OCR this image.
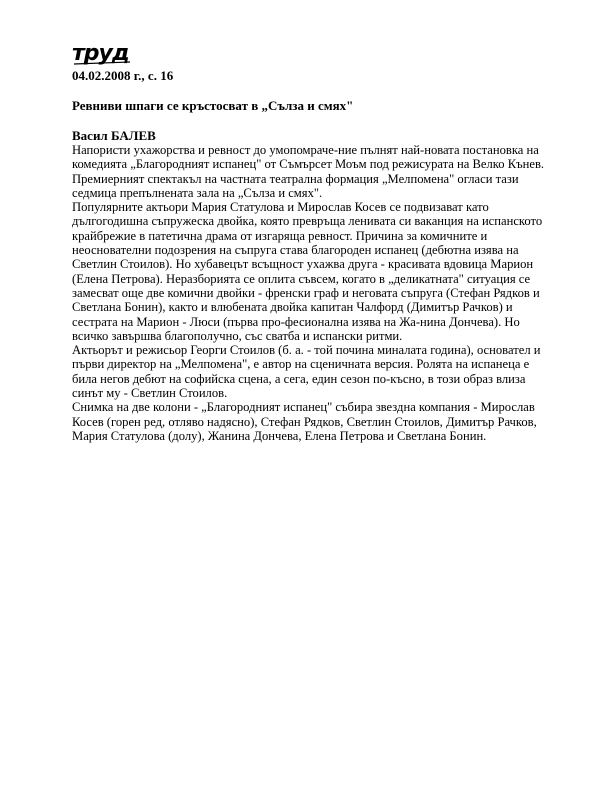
труд

04.02.2008 г., с. 16

Ревниви шпаги се кръстосват в „Сълза и смях"

Васил БАЛЕВ

Напористи ухажорства и ревност до умопомраче-ние пълнят най-новата постановка на комедията „Благородният испанец" от Съмърсет Моъм под режисурата на Велко Кънев. Премиерният спектакъл на частната театрална формация „Мелпомена" огласи тази седмица препълнената зала на „Сълза и смях".

Популярните актьори Мария Статулова и Мирослав Косев се подвизават като дългогодишна съпружеска двойка, която превръща лениватa си ваканция на испанското крайбрежие в патетична драма от изгаряща ревност. Причина за комичните и неоснователни подозрения на съпруга става благороден испанец (дебютна изява на Светлин Стоилов). Но хубавецът всъщност ухажва друга - красивата вдовица Марион (Елена Петрова). Неразборията се оплита съвсем, когато в „деликатната" ситуация се замесват още две комични двойки - френски граф и неговата съпруга (Стефан Рядков и Светлана Бонин), както и влюбената двойка капитан Чалфорд (Димитър Рачков) и сестрата на Марион - Люси (първа про-фесионална изява на Жа-нина Дончева). Но всичко завършва благополучно, със сватба и испански ритми.

Актьорът и режисьор Георги Стоилов (б. а. - той почина миналата година), основател и първи директор на „Мелпомена", е автор на сценичната версия. Ролята на испанеца е била негов дебют на софийска сцена, а сега, един сезон по-късно, в този образ влиза синът му - Светлин Стоилов.

Снимка на две колони - „Благородният испанец" събира звездна компания - Мирослав Косев (горен ред, отляво надясно), Стефан Рядков, Светлин Стоилов, Димитър Рачков, Мария Статулова (долу), Жанина Дончева, Елена Петрова и Светлана Бонин.
